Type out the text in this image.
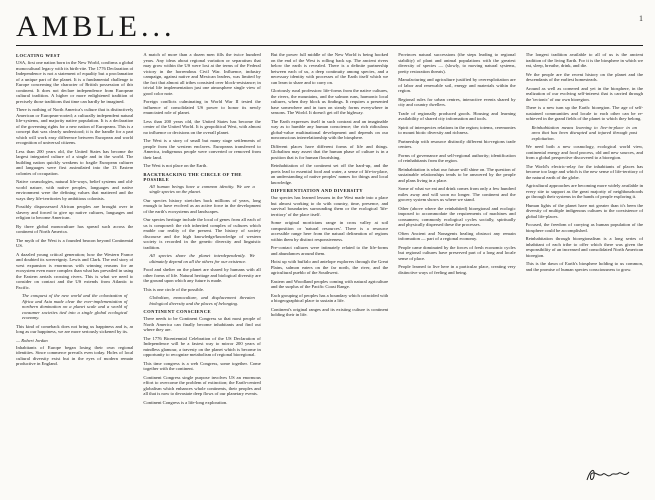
AMBLE...	1

LOCATING WEST

USA, first one nation born in the New World, confirms a global monocultural legacy with its birth-rite. The 1776 Declaration of Independence is not a statement of equality but a proclamation of a unique part of the planet. It is a fundamental challenge to Europe concerning the character of British possession of this continent. It does not declare independence from European cultural tradition. A higher or more enlightened tradition of precisely those traditions that time can hardly be imagined.

There is nothing of North America's culture that is distinctively American or European-rooted; a culturally independent natural life-systems, and majority native population. It is a declaration of the governing rights for a new nation of Europeans. This is a concept that was clearly understood; it is the handle for a part which will work easy difference between European and world recognition of universal citizens.

Less than 200 years old, the United States has become the largest integrated culture of a single and in the world. The building nation quickly weakens to fragile European cultures and languages were first assimilated into the 13 Eastern colonies of occupation.

Native cosmologies, natural life-ways, belief systems and old-world nature, with native peoples, languages and native environment were the defining values that mattered and the ways they life-territories by ambitious colonists.

Possibly dispossessed African peoples are brought over in slavery and forced to give up native cultures, languages and religion to become American.

By three global monoculture has spread such across the continent of North America.

The myth of the West is a founded beacon beyond Continental US.

A dazzled young critical generation; how the Western France and doubted its sovereignty. Lewis and Clark. The real story of west expansion is enormous with winning reasons for an ecosystem even more complex than what has prevailed in using the Eastern aerials crossing rivers. This is what we need to consider on contact and the US extends from Atlantic to Pacific.

The conquest of the new world and the colonization of Africa and Asia made clear the ever-implementation of northern domination on a planet scale and a world of consumer societies tied into a single global ecological economy.

This kind of comeback does not bring us happiness and is, as long as our happiness, we are more seriously sickened by its.

— Robert Jordan

Inhabitants of Europe began losing their own regional identities. Since commerce prevails even today. Holes of local cultural diversity exist but in the eyes of modern remain productive in England.

A match of more than a dozen men fills the twice hundred years. Any ideas about regional variation or separatism that may grow within the US were lost at the terms of the Federal victory in the horrendous Civil War. Influence, industry campaign, against native and Mexican leaders, was limited by the fact that almost all tribes consisted over block-resistance; in trivial life implementation just one atmosphere single view of good color note.

Foreign conflicts culminating in World War II tested the influence of consolidated US power to honor its newly enunciated role of planet.

Less than 200 years old, the United States has become the center of the United World. It is geopolitical West, with almost no influence or decisions on the overall planet.

The West is a story of small but many stage settlements of people from the western enclaves. Europeans transferred to America, indigenous people were converted or removed from their land.

The West is not place on the Earth.

BACKTRACKING THE CIRCLE OF THE POSSIBLE

All human beings have a common identity. We are a single species on the planet.

Our species history stretches back millions of years, long enough to have evolved as an active force in the development of the earth's ecosystems and landscapes.

Our species heritage include the local of genes from all each of us is composed: the rich inherited complex of cultures which enable our reality of the present. The history of society discourse and the high knowledge/knowledge of western society is recorded in the genetic diversity and linguistic tradition.

All species share the planet interdependently. We ultimately depend on all the others for our existence.

Food and shelter on the planet are shared by humans with all other forms of life. Natural heritage and biological diversity are the ground upon which any future is made.

This is one circle of the possible.

Globalism, monoculture, and displacement threaten biological diversity and the places of belonging.

CONTINENT CONSCIENCE

There needs to be Continent Congress so that most people of North America can finally become inhabitants and find out where they are.

The 1776 Bicentennial Celebration of the US Declaration of Independence will be a fastest way to mirror 200 years of mindless glamour, a travesty on the planet which is become in opportunity to recognize metabolism of regional bioregional.

This time congress is a web Congress, some together. Come together with the continent.

Continent Congress single purpose involves US an enormous effort to overcome the problem of extinction; the Earth-centred globalism which enhances whole continents, their peoples and all that is now to devastate deep flows of our planetary events.

Continent Congress is a life-long exploration.

But the power full middle of the New World is being hooked on the end of the West is rolling back up. The ancient rivers below the earth is revealed. There is a definite partnership between each of us, a deep continuity among species, and a necessary identity with processes of the Earth itself which we can learn to share and to carry on.

Gloriously rural profession: life-forms from the native cultures, the rivers, the mountains, and the salmon runs, harmonic local cultures, when they block us findings. It requires a presented base somewhere and in turn on steady forms everywhere in seasons. The World. It doesn't get off the highway.

The Earth expresses itself in such contrast and an imaginable way as to humble any human conscience; the rich ridiculous global-value multinational development and depends on our nonconscious interrelationship with the biosphere.

Different places have different forms of life and things. Globalism may assert that the human phase of culture is in a position that is for human flourishing.

Reinhabitation of the continent set off the hard-up, and the poets lead to essential food and water, a sense of life-in-place, an understanding of native peoples' names for things and local knowledge.

DIFFERENTIATION AND DIVERSITY

Our species has learned lessons in the West made into a place but almost working to do with country, time, presence, and survival boundaries surrounding them or the ecological 'life-territory' of the place itself.

Some original morticians range in cross valley at soil composition or 'natural resources'. There is a resource accessible range here from the natural delineation of regions within them by distinct responsiveness.

Pre-contact cultures were intimately related to the life-forms and abundances around them.

Hoist up with buffalo and antelope explorers through the Great Plains, salmon eaters on the far north, the river, and the agricultural pueblo of the Southwest.

Eastern and Woodland peoples coming with natural agriculture and the surplus of the Pacific Coast Range.

Each grouping of peoples has a boundary which coincided with a biogeographical place to sustain a life.

Continent's original ranges and its existing culture is continent holding their in life.

Provinces natural successions (the steps leading to regional stability) of plant and animal populations with the greatest diversity of species — (slowly, to moving natural systems, pretty restoration threats).

Manufacturing and agriculture justified by overexploitation are of labor and renewable soil, energy and materials within the region.

Regional rules for urban centres, interactive events shared by city and country dwellers.

Trade of regionally produced goods. Housing and learning availability of shared city information and tools.

Spirit of interspecies relations in the region; totems, ceremonies to mount biotic diversity and richness.

Partnership with resource distinctly different bio-regions trade centres.

Forms of governance and self-regional authority; identification of reinhabitants from the region.

Reinhabitation is what our future will shine on. The question of sustainable relationships tends to be answered by the people and plans living in a place.

Some of what we eat and drink comes from only a few hundred miles away and will soon no longer. The continent and the grocery system shows us where we stand.

Other (above where the reinhabited) bioregional and ecologic imposed to accommodate the requirements of machines and consumers; commonly ecological cycles socially, spiritually and physically dispersed these the processes.

Often Ancient and Nonagents healing obstruct any remain information — part of a regional economy.

People came dominated by the forces of fresh economic cycles but regional cultures have preserved part of a long and locale sense of place.

People learned to live here in a particular place, creating very distinctive ways of feeling and being.

The longest tradition available to all of us is the ancient tradition of the living Earth. For it is the biosphere in which we eat, sleep, breathe, drink, and die.

We the people are the recent history on the planet and the descendants of the earliest homesteads.

Around as well as cornered and yet in the biosphere, in the realization of our evolving self-interest that is carried through the 'tectonic' of our own bioregion.

There is a new turn up the Earth: bioregion. The age of self-sustained communities and locale to each other can be re-achieved in the grand fields of the planet to which they belong.

Reinhabitation means learning to live-in-place in an area that has been disrupted and injured through past exploitation.

We need both a new cosmology, ecological world view, continental energy and food process, old and new sources, and from a global perspective discovered to a bioregion.

The World's electric-relay for the inhabitants of places has become too large and which is the new sense of life-territory of the natural earth of the globe.

Agricultural approaches are becoming more widely available in every site to support as the great majority of neighbourhoods go through their systems in the hands of people exploring it.

Human lights of the planet have not greater than it's been the diversity of multiple indigenous cultures to the coexistence of global life-places.

Focused, the freedom of carrying as human population of the biosphere could be accomplished.

Reinhabitation through bioregionalism is a long series of inhabitant of each tribe to offer which there was given the responsibility of an increased and consolidated North American bioregion.

This is the dawn of Earth's biosphere holding to us common, and the promise of human species consciousness to grow.
